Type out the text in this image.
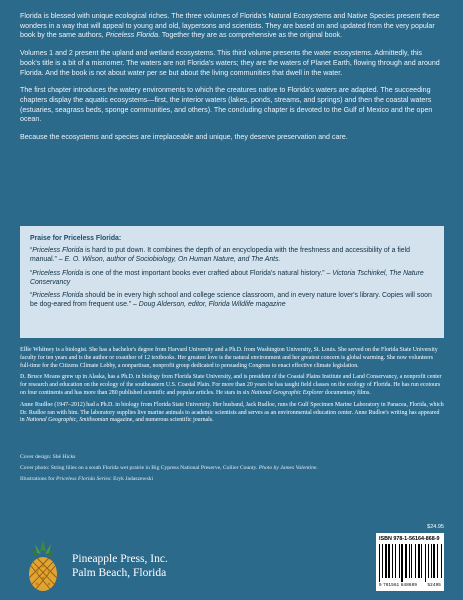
Florida is blessed with unique ecological riches. The three volumes of Florida's Natural Ecosystems and Native Species present these wonders in a way that will appeal to young and old, laypersons and scientists. They are based on and updated from the very popular book by the same authors, Priceless Florida. Together they are as comprehensive as the original book.

Volumes 1 and 2 present the upland and wetland ecosystems. This third volume presents the water ecosystems. Admittedly, this book's title is a bit of a misnomer. The waters are not Florida's waters; they are the waters of Planet Earth, flowing through and around Florida. And the book is not about water per se but about the living communities that dwell in the water.

The first chapter introduces the watery environments to which the creatures native to Florida's waters are adapted. The succeeding chapters display the aquatic ecosystems—first, the interior waters (lakes, ponds, streams, and springs) and then the coastal waters (estuaries, seagrass beds, sponge communities, and others). The concluding chapter is devoted to the Gulf of Mexico and the open ocean.

Because the ecosystems and species are irreplaceable and unique, they deserve preservation and care.

Praise for Priceless Florida:

“Priceless Florida is hard to put down. It combines the depth of an encyclopedia with the freshness and accessibility of a field manual.” – E. O. Wilson, author of Sociobiology, On Human Nature, and The Ants.

“Priceless Florida is one of the most important books ever crafted about Florida's natural history.” – Victoria Tschinkel, The Nature Conservancy

“Priceless Florida should be in every high school and college science classroom, and in every nature lover's library. Copies will soon be dog-eared from frequent use.” – Doug Alderson, editor, Florida Wildlife magazine

Ellie Whitney is a biologist. She has a bachelor's degree from Harvard University and a Ph.D. from Washington University, St. Louis. She served on the Florida State University faculty for ten years and is the author or coauthor of 12 textbooks. Her greatest love is the natural environment and her greatest concern is global warming. She now volunteers full-time for the Citizens Climate Lobby, a nonpartisan, nonprofit group dedicated to persuading Congress to enact effective climate legislation.

D. Bruce Means grew up in Alaska, has a Ph.D. in biology from Florida State University, and is president of the Coastal Plains Institute and Land Conservancy, a nonprofit center for research and education on the ecology of the southeastern U.S. Coastal Plain. For more than 20 years he has taught field classes on the ecology of Florida. He has run ecotours on four continents and has more than 280 published scientific and popular articles. He stars in six National Geographic Explorer documentary films.

Anne Rudloe (1947–2012) had a Ph.D. in biology from Florida State University. Her husband, Jack Rudloe, runs the Gulf Specimen Marine Laboratory in Panacea, Florida, which Dr. Rudloe ran with him. The laboratory supplies live marine animals to academic scientists and serves as an environmental education center. Anne Rudloe's writing has appeared in National Geographic, Smithsonian magazine, and numerous scientific journals.

Cover design: Shé Hicks

Cover photo: String lilies on a south Florida wet prairie in Big Cypress National Preserve, Collier County. Photo by James Valentine.

Illustrations for Priceless Florida Series: Eryk Jadaszewski

$24.95
ISBN 978-1-56164-868-9
9 781561 648689 52495
Pineapple Press, Inc.
Palm Beach, Florida
